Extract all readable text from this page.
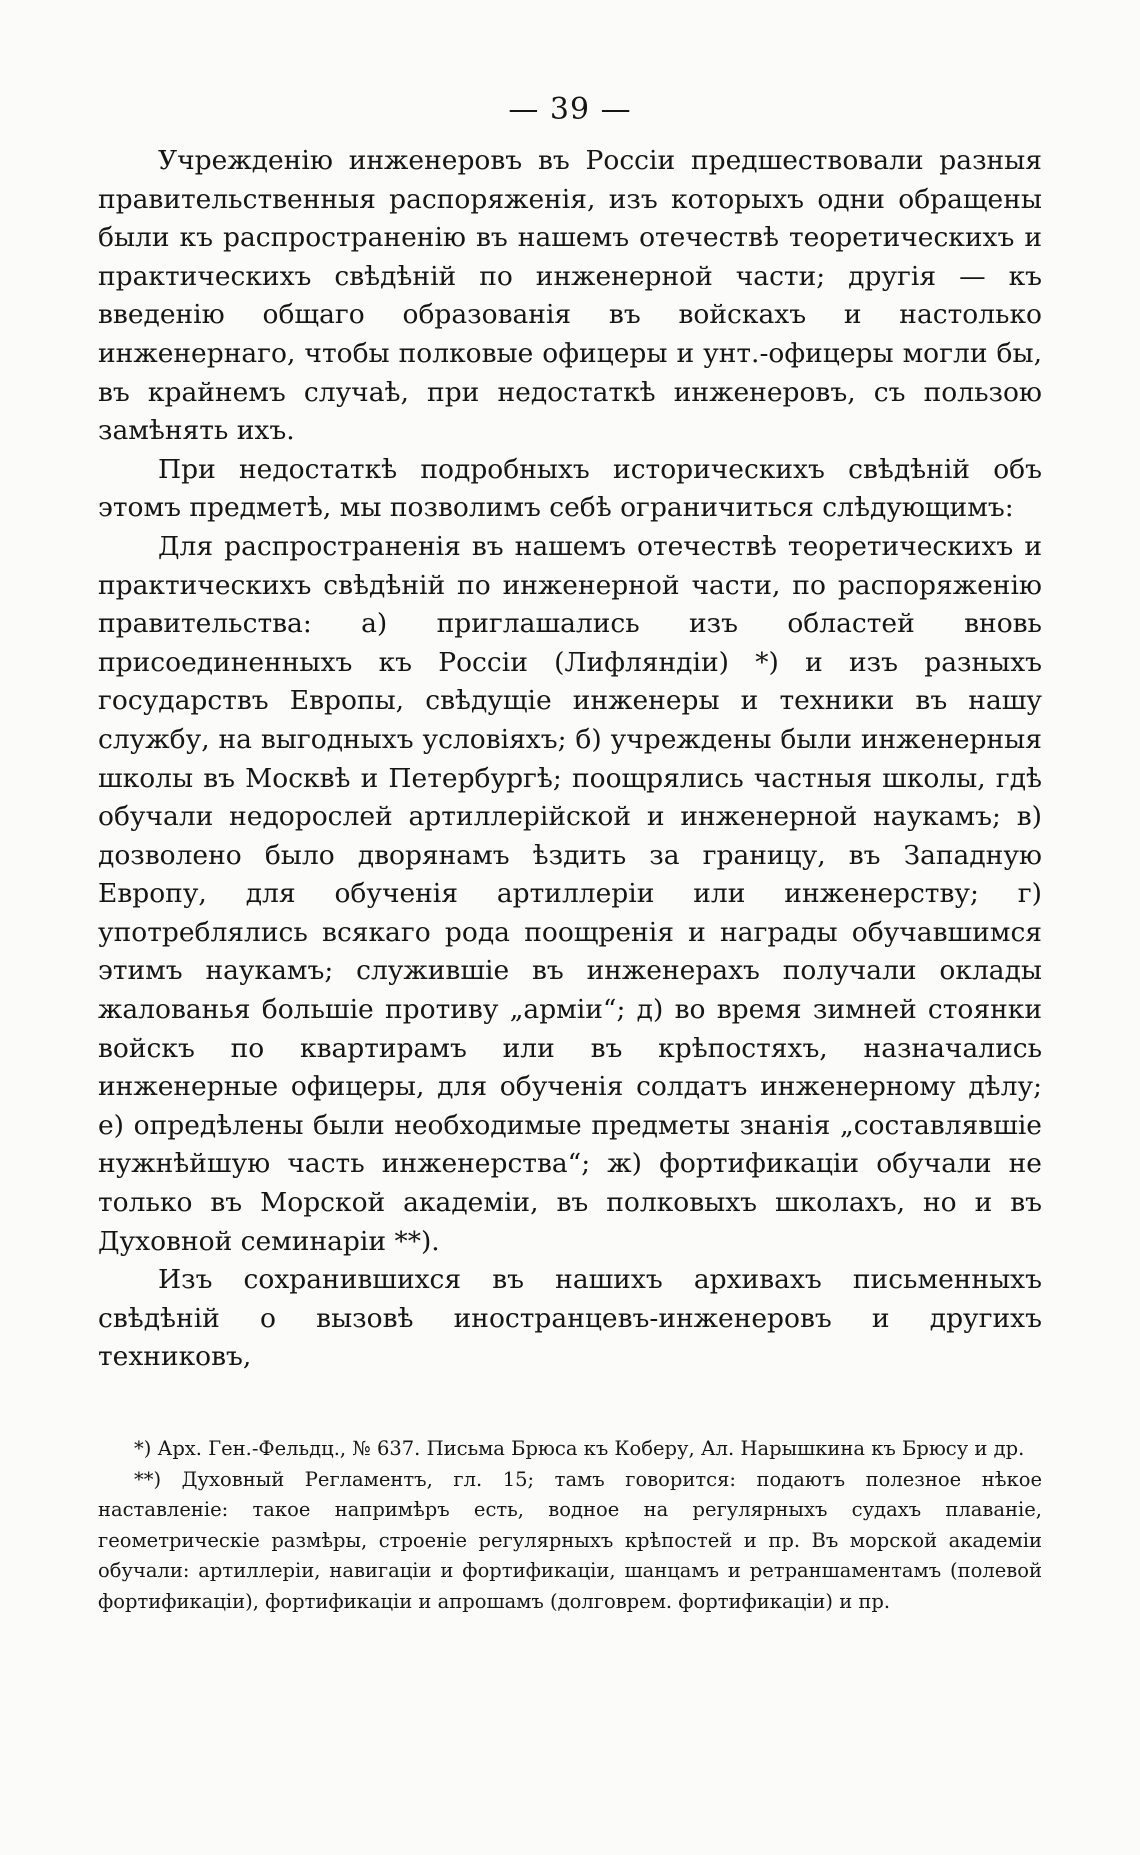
— 39 —

Учрежденію инженеровъ въ Россіи предшествовали разныя правительственныя распоряженія, изъ которыхъ одни обращены были къ распространенію въ нашемъ отечествѣ теоретическихъ и практическихъ свѣдѣній по инженерной части; другія — къ введенію общаго образованія въ войскахъ и настолько инженернаго, чтобы полковые офицеры и унт.-офицеры могли бы, въ крайнемъ случаѣ, при недостаткѣ инженеровъ, съ пользою замѣнять ихъ.

При недостаткѣ подробныхъ историческихъ свѣдѣній объ этомъ предметѣ, мы позволимъ себѣ ограничиться слѣдующимъ:

Для распространенія въ нашемъ отечествѣ теоретическихъ и практическихъ свѣдѣній по инженерной части, по распоряженію правительства: а) приглашались изъ областей вновь присоединенныхъ къ Россіи (Лифляндіи) *) и изъ разныхъ государствъ Европы, свѣдущіе инженеры и техники въ нашу службу, на выгодныхъ условіяхъ; б) учреждены были инженерныя школы въ Москвѣ и Петербургѣ; поощрялись частныя школы, гдѣ обучали недорослей артиллерійской и инженерной наукамъ; в) дозволено было дворянамъ ѣздить за границу, въ Западную Европу, для обученія артиллеріи или инженерству; г) употреблялись всякаго рода поощренія и награды обучавшимся этимъ наукамъ; служившіе въ инженерахъ получали оклады жалованья большіе противу „арміи“; д) во время зимней стоянки войскъ по квартирамъ или въ крѣпостяхъ, назначались инженерные офицеры, для обученія солдатъ инженерному дѣлу; е) опредѣлены были необходимые предметы знанія „составлявшіе нужнѣйшую часть инженерства“; ж) фортификаціи обучали не только въ Морской академіи, въ полковыхъ школахъ, но и въ Духовной семинаріи **).

Изъ сохранившихся въ нашихъ архивахъ письменныхъ свѣдѣній о вызовѣ иностранцевъ-инженеровъ и другихъ техниковъ,

*) Арх. Ген.-Фельдц., № 637. Письма Брюса къ Коберу, Ал. Нарышкина къ Брюсу и др.

**) Духовный Регламентъ, гл. 15; тамъ говорится: подаютъ полезное нѣкое наставленіе: такое напримѣръ есть, водное на регулярныхъ судахъ плаваніе, геометрическіе размѣры, строеніе регулярныхъ крѣпостей и пр. Въ морской академіи обучали: артиллеріи, навигаціи и фортификаціи, шанцамъ и ретраншаментамъ (полевой фортификаціи), фортификаціи и апрошамъ (долговрем. фортификаціи) и пр.
